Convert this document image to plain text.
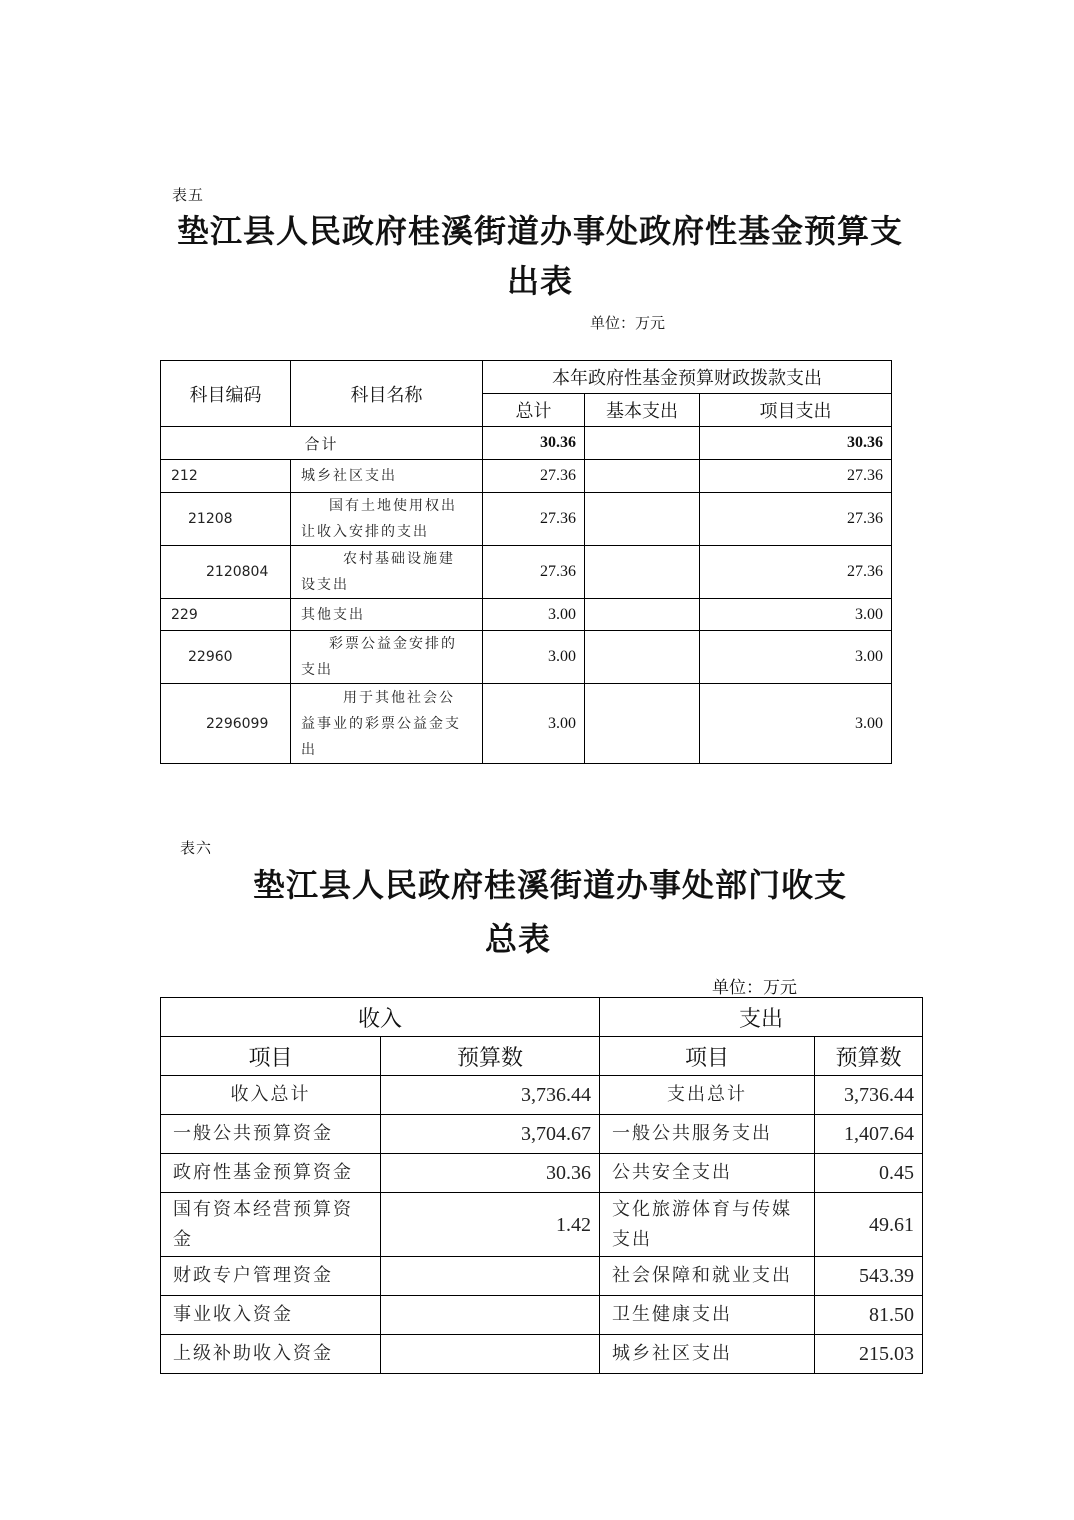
表五
垫江县人民政府桂溪街道办事处政府性基金预算支
出表
单位：万元
科目编码	科目名称	本年政府性基金预算财政拨款支出		
		总计	基本支出	项目支出
合计		30.36		30.36
212	城乡社区支出	27.36		27.36
21208	国有土地使用权出让收入安排的支出	27.36		27.36
2120804	农村基础设施建设支出	27.36		27.36
229	其他支出	3.00		3.00
22960	彩票公益金安排的支出	3.00		3.00
2296099	用于其他社会公益事业的彩票公益金支出	3.00		3.00
表六
垫江县人民政府桂溪街道办事处部门收支
总表
单位：万元
收入		支出	
项目	预算数	项目	预算数
收入总计	3,736.44	支出总计	3,736.44
一般公共预算资金	3,704.67	一般公共服务支出	1,407.64
政府性基金预算资金	30.36	公共安全支出	0.45
国有资本经营预算资金	1.42	文化旅游体育与传媒支出	49.61
财政专户管理资金		社会保障和就业支出	543.39
事业收入资金		卫生健康支出	81.50
上级补助收入资金		城乡社区支出	215.03
